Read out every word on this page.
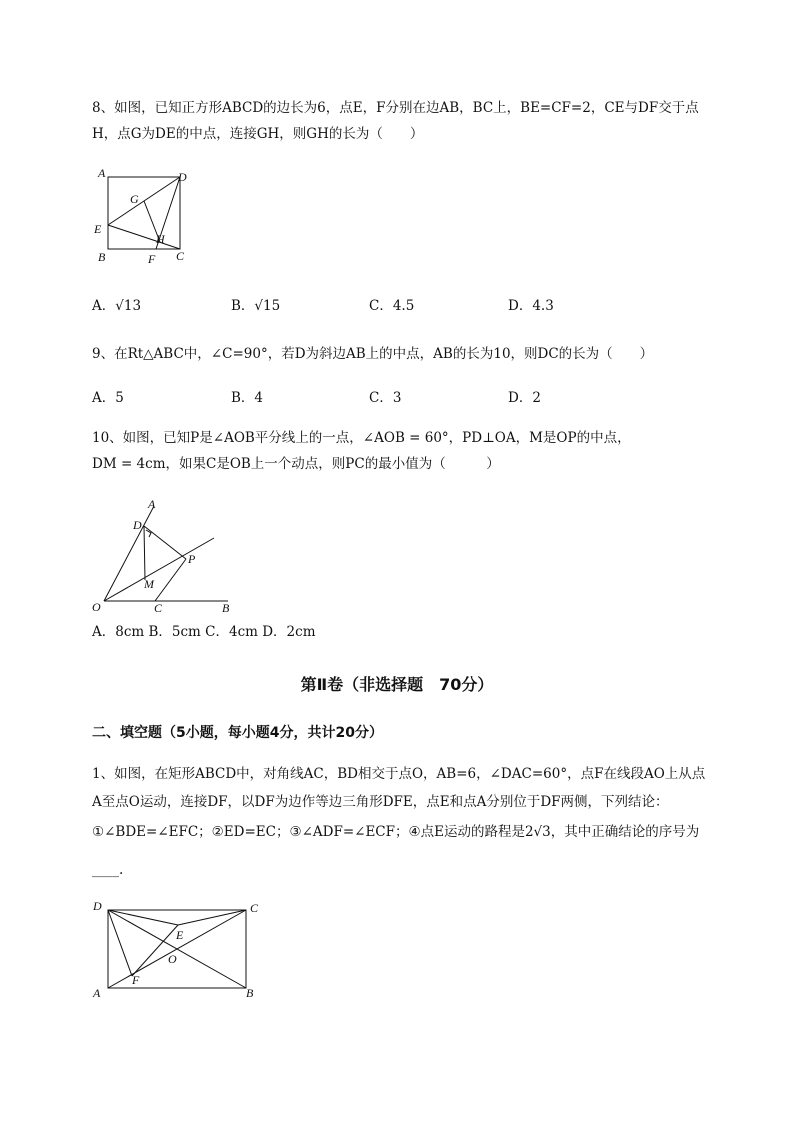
8、如图，已知正方形ABCD的边长为6，点E，F分别在边AB，BC上，BE=CF=2，CE与DF交于点
H，点G为DE的中点，连接GH，则GH的长为（　　）
A	D
E
G
H
B	F C
A．√13	B．√15	C．4.5	D．4.3
9、在Rt△ABC中，∠C=90°，若D为斜边AB上的中点，AB的长为10，则DC的长为（　　）
A．5	B．4	C．3	D．2
10、如图，已知P是∠AOB平分线上的一点，∠AOB = 60°，PD⊥OA，M是OP的中点，
DM = 4cm，如果C是OB上一个动点，则PC的最小值为（　　　）
A
D
P
M
O	C	B
A．8cm B．5cm C．4cm D．2cm
第Ⅱ卷（非选择题　70分）
二、填空题（5小题，每小题4分，共计20分）
1、如图，在矩形ABCD中，对角线AC，BD相交于点O，AB=6，∠DAC=60°，点F在线段AO上从点
A至点O运动，连接DF，以DF为边作等边三角形DFE，点E和点A分别位于DF两侧，下列结论：
①∠BDE=∠EFC；②ED=EC；③∠ADF=∠ECF；④点E运动的路程是2√3，其中正确结论的序号为
____.
D	C
E
O
F
A	B
